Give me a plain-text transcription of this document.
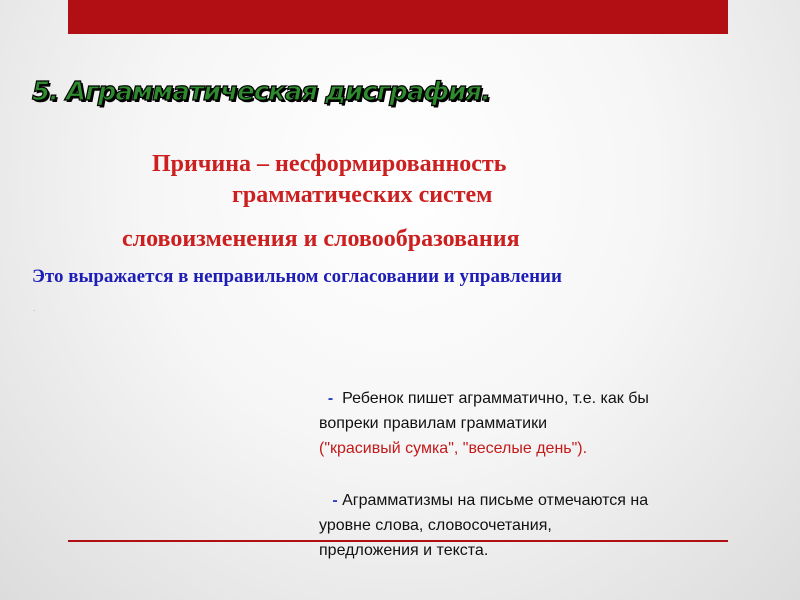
5. Аграмматическая дисграфия.

Причина – несформированность

грамматических систем

словоизменения и словообразования

Это выражается в неправильном согласовании и управлении

.
- Ребенок пишет аграмматично, т.е. как бы
вопреки правилам грамматики
("красивый сумка", "веселые день").
- Аграмматизмы на письме отмечаются на
уровне слова, словосочетания,
предложения и текста.
